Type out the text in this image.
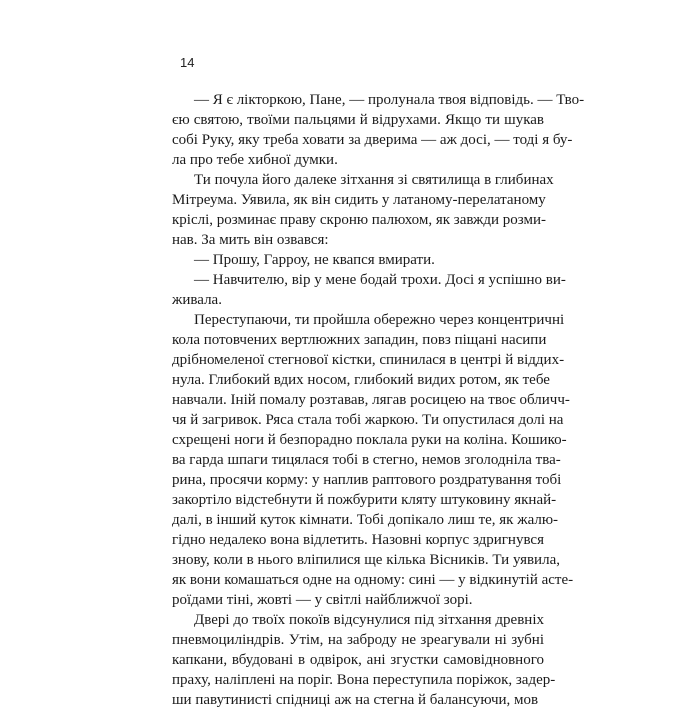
14
— Я є лікторкою, Пане, — пролунала твоя відповідь. — Тво-
єю святою, твоїми пальцями й відрухами. Якщо ти шукав
собі Руку, яку треба ховати за дверима — аж досі, — тоді я бу-
ла про тебе хибної думки.
Ти почула його далеке зітхання зі святилища в глибинах
Мітреума. Уявила, як він сидить у латаному-перелатаному
кріслі, розминає праву скроню палюхом, як завжди розми-
нав. За мить він озвався:
— Прошу, Гарроу, не квапся вмирати.
— Навчителю, вір у мене бодай трохи. Досі я успішно ви-
живала.
Переступаючи, ти пройшла обережно через концентричні
кола потовчених вертлюжних западин, повз піщані насипи
дрібномеленої стегнової кістки, спинилася в центрі й віддих-
нула. Глибокий вдих носом, глибокий видих ротом, як тебе
навчали. Іній помалу розтавав, лягав росицею на твоє обличч-
чя й загривок. Ряса стала тобі жаркою. Ти опустилася долі на
схрещені ноги й безпорадно поклала руки на коліна. Кошико-
ва гарда шпаги тицялася тобі в стегно, немов зголодніла тва-
рина, просячи корму: у наплив раптового роздратування тобі
закортіло відстебнути й пожбурити кляту штуковину якнай-
далі, в інший куток кімнати. Тобі допікало лиш те, як жалю-
гідно недалеко вона відлетить. Назовні корпус здригнувся
знову, коли в нього вліпилися ще кілька Вісників. Ти уявила,
як вони комашаться одне на одному: сині — у відкинутій асте-
роїдами тіні, жовті — у світлі найближчої зорі.
Двері до твоїх покоїв відсунулися під зітхання древніх
пневмоциліндрів. Утім, на забродy не зреагували ні зубні
капкани, вбудовані в одвірок, ані згустки самовідновного
праху, наліплені на поріг. Вона переступила поріжок, задер-
ши павутинисті спідниці аж на стегна й балансуючи, мов
